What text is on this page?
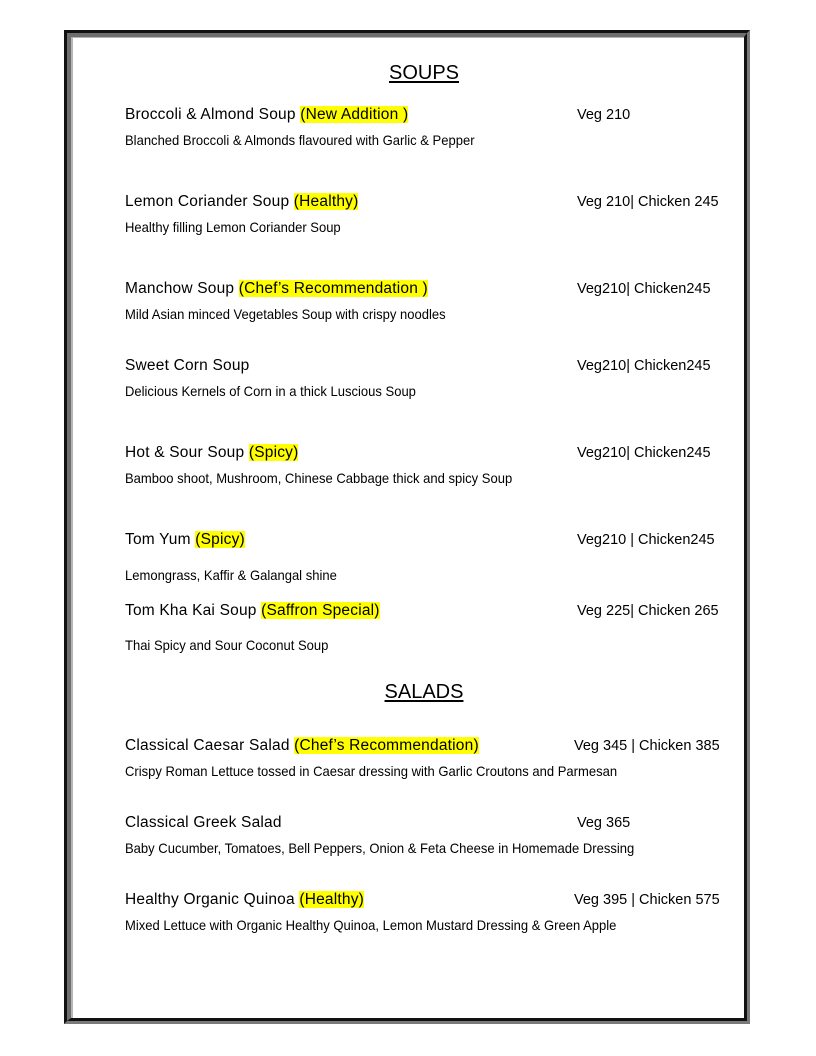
SOUPS
Broccoli & Almond Soup (New Addition )	Veg 210
Blanched Broccoli & Almonds flavoured with Garlic & Pepper
Lemon Coriander Soup (Healthy)	Veg 210| Chicken 245
Healthy filling Lemon Coriander Soup
Manchow Soup (Chef’s Recommendation )	Veg210| Chicken245
Mild Asian minced Vegetables Soup with crispy noodles
Sweet Corn Soup	Veg210| Chicken245
Delicious Kernels of Corn in a thick Luscious Soup
Hot & Sour Soup (Spicy)	Veg210| Chicken245
Bamboo shoot, Mushroom, Chinese Cabbage thick and spicy Soup
Tom Yum (Spicy)	Veg210 | Chicken245
Lemongrass, Kaffir & Galangal shine
Tom Kha Kai Soup (Saffron Special)	Veg 225| Chicken 265
Thai Spicy and Sour Coconut Soup
SALADS
Classical Caesar Salad (Chef’s Recommendation)	Veg 345 | Chicken 385
Crispy Roman Lettuce tossed in Caesar dressing with Garlic Croutons and Parmesan
Classical Greek Salad	Veg 365
Baby Cucumber, Tomatoes, Bell Peppers, Onion & Feta Cheese in Homemade Dressing
Healthy Organic Quinoa (Healthy)	Veg 395 | Chicken 575
Mixed Lettuce with Organic Healthy Quinoa, Lemon Mustard Dressing & Green Apple
